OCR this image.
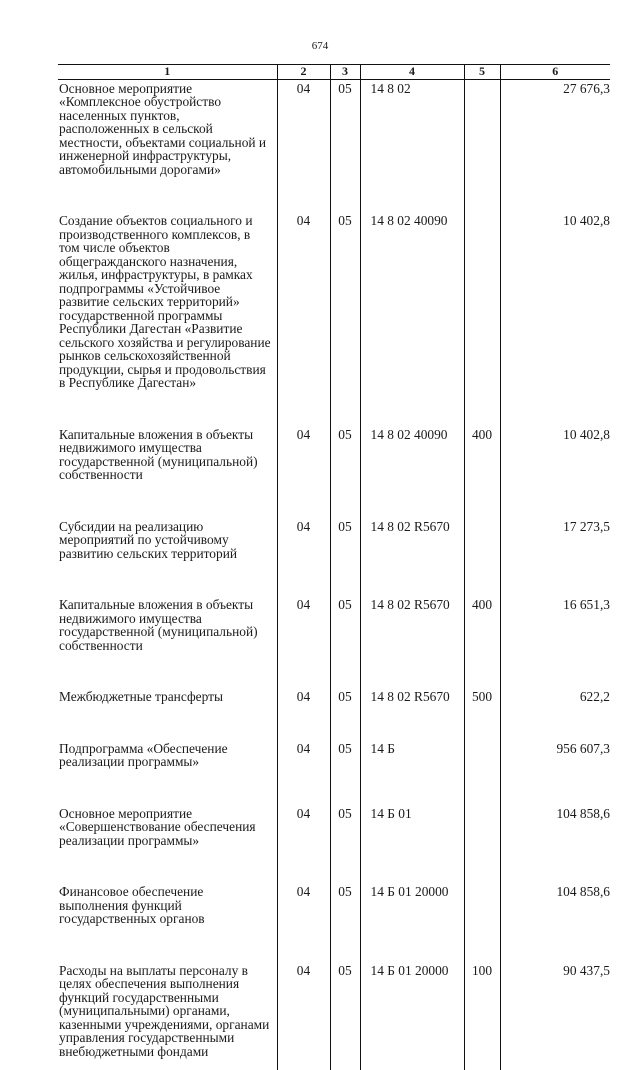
674
1	2	3	4	5	6
Основное мероприятие «Комплексное обустройство населенных пунктов, расположенных в сельской местности, объектами социальной и инженерной инфраструктуры, автомобильными дорогами»	04	05	14 8 02		27 676,3

Создание объектов социального и производственного комплексов, в том числе объектов общегражданского назначения, жилья, инфраструктуры, в рамках подпрограммы «Устойчивое развитие сельских территорий» государственной программы Республики Дагестан «Развитие сельского хозяйства и регулирование рынков сельскохозяйственной продукции, сырья и продовольствия в Республике Дагестан»	04	05	14 8 02 40090		10 402,8

Капитальные вложения в объекты недвижимого имущества государственной (муниципальной) собственности	04	05	14 8 02 40090	400	10 402,8

Субсидии на реализацию мероприятий по устойчивому развитию сельских территорий	04	05	14 8 02 R5670		17 273,5

Капитальные вложения в объекты недвижимого имущества государственной (муниципальной) собственности	04	05	14 8 02 R5670	400	16 651,3

Межбюджетные трансферты	04	05	14 8 02 R5670	500	622,2

Подпрограмма «Обеспечение реализации программы»	04	05	14 Б		956 607,3

Основное мероприятие «Совершенствование обеспечения реализации программы»	04	05	14 Б 01		104 858,6

Финансовое обеспечение выполнения функций государственных органов	04	05	14 Б 01 20000		104 858,6

Расходы на выплаты персоналу в целях обеспечения выполнения функций государственными (муниципальными) органами, казенными учреждениями, органами управления государственными внебюджетными фондами	04	05	14 Б 01 20000	100	90 437,5
